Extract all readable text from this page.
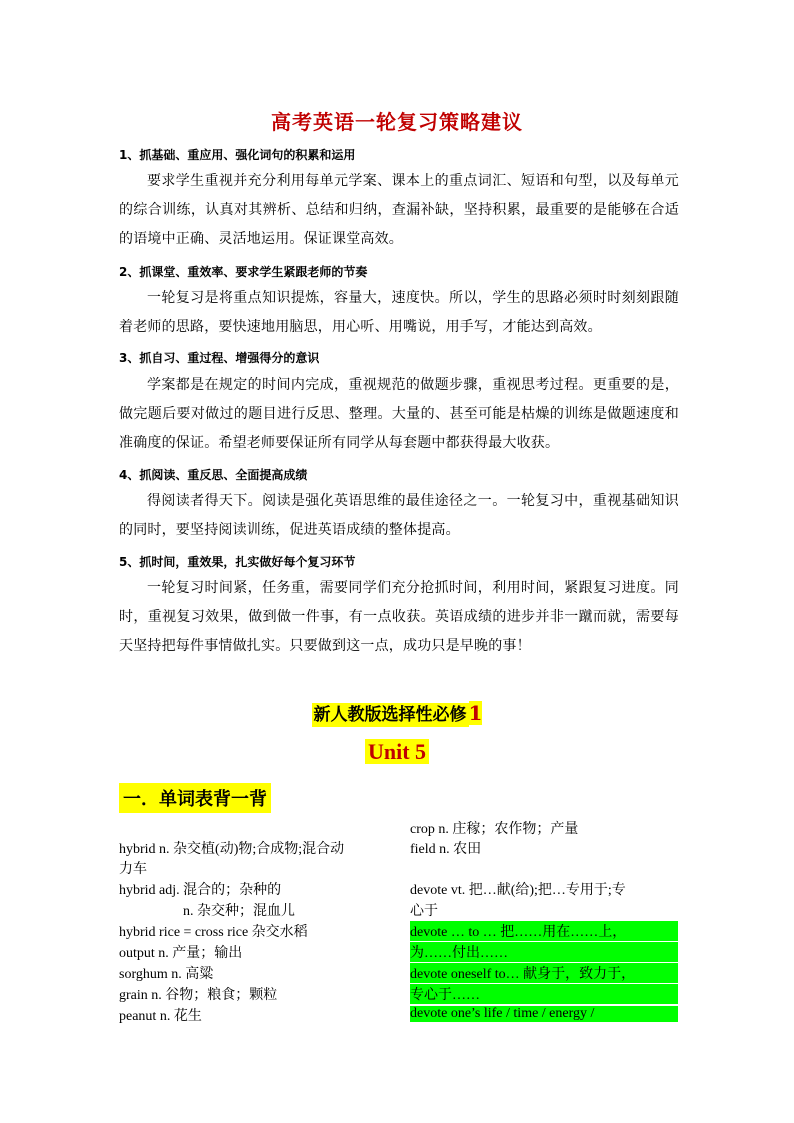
高考英语一轮复习策略建议
1、抓基础、重应用、强化词句的积累和运用
要求学生重视并充分利用每单元学案、课本上的重点词汇、短语和句型，以及每单元的综合训练，认真对其辨析、总结和归纳，查漏补缺，坚持积累，最重要的是能够在合适的语境中正确、灵活地运用。保证课堂高效。
2、抓课堂、重效率、要求学生紧跟老师的节奏
一轮复习是将重点知识提炼，容量大，速度快。所以，学生的思路必须时时刻刻跟随着老师的思路，要快速地用脑思，用心听、用嘴说，用手写，才能达到高效。
3、抓自习、重过程、增强得分的意识
学案都是在规定的时间内完成，重视规范的做题步骤，重视思考过程。更重要的是，做完题后要对做过的题目进行反思、整理。大量的、甚至可能是枯燥的训练是做题速度和准确度的保证。希望老师要保证所有同学从每套题中都获得最大收获。
4、抓阅读、重反思、全面提高成绩
得阅读者得天下。阅读是强化英语思维的最佳途径之一。一轮复习中，重视基础知识的同时，要坚持阅读训练，促进英语成绩的整体提高。
5、抓时间，重效果，扎实做好每个复习环节
一轮复习时间紧，任务重，需要同学们充分抢抓时间，利用时间，紧跟复习进度。同时，重视复习效果，做到做一件事，有一点收获。英语成绩的进步并非一蹴而就，需要每天坚持把每件事情做扎实。只要做到这一点，成功只是早晚的事！
新人教版选择性必修 1
Unit 5
一．单词表背一背
hybrid n. 杂交植(动)物;合成物;混合动
力车
hybrid adj. 混合的；杂种的
n. 杂交种；混血儿
hybrid rice = cross rice 杂交水稻
output n. 产量；输出
sorghum n. 高粱
grain n. 谷物；粮食；颗粒
peanut n. 花生
crop n. 庄稼；农作物；产量
field n. 农田
devote vt. 把…献(给);把…专用于;专
心于
devote … to … 把……用在……上，
为……付出……
devote oneself to… 献身于，致力于，
专心于……
devote one’s life / time / energy /
